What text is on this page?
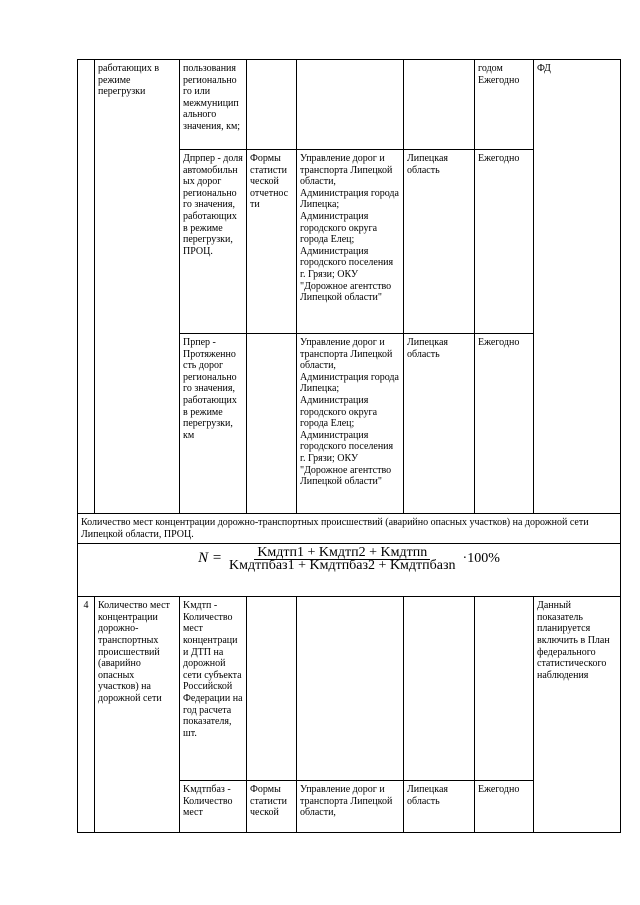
	работающих в режиме перегрузки	пользования регионально го или межмуницип ального значения, км;				годом Ежегодно	ФД
		Дпрпер - доля автомобильн ых дорог регионально го значения, работающих в режиме перегрузки, ПРОЦ.	Формы статисти ческой отчетнос ти	Управление дорог и транспорта Липецкой области, Администрация города Липецка; Администрация городского округа города Елец; Администрация городского поселения г. Грязи; ОКУ "Дорожное агентство Липецкой области"	Липецкая область	Ежегодно	
		Прпер - Протяженно сть дорог регионально го значения, работающих в режиме перегрузки, км		Управление дорог и транспорта Липецкой области, Администрация города Липецка; Администрация городского округа города Елец; Администрация городского поселения г. Грязи; ОКУ "Дорожное агентство Липецкой области"	Липецкая область	Ежегодно	
Количество мест концентрации дорожно-транспортных происшествий (аварийно опасных участков) на дорожной сети Липецкой области, ПРОЦ.							

N = Kмдтп1 + Kмдтп2 + Kмдтпn
Kмдтпбаз1 + Kмдтпбаз2 + Kмдтпбазn ·100%							

4	Количество мест концентрации дорожно-транспортных происшествий (аварийно опасных участков) на дорожной сети	Kмдтп - Количество мест концентраци и ДТП на дорожной сети субъекта Российской Федерации на год расчета показателя, шт.					Данный показатель планируется включить в План федерального статистического наблюдения
		Kмдтпбаз - Количество мест	Формы статисти ческой	Управление дорог и транспорта Липецкой области,	Липецкая область	Ежегодно	
